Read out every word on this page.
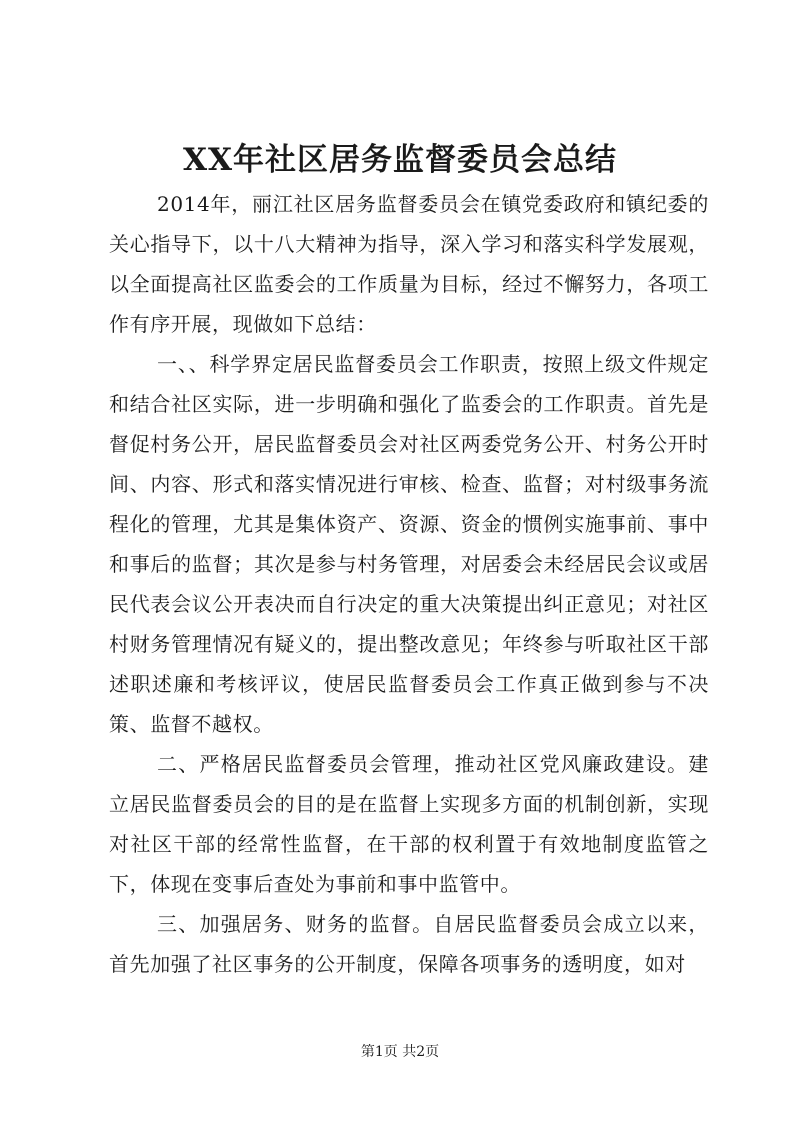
XX年社区居务监督委员会总结

2014年，丽江社区居务监督委员会在镇党委政府和镇纪委的关心指导下，以十八大精神为指导，深入学习和落实科学发展观，以全面提高社区监委会的工作质量为目标，经过不懈努力，各项工作有序开展，现做如下总结：

一、、科学界定居民监督委员会工作职责，按照上级文件规定和结合社区实际，进一步明确和强化了监委会的工作职责。首先是督促村务公开，居民监督委员会对社区两委党务公开、村务公开时间、内容、形式和落实情况进行审核、检查、监督；对村级事务流程化的管理，尤其是集体资产、资源、资金的惯例实施事前、事中和事后的监督；其次是参与村务管理，对居委会未经居民会议或居民代表会议公开表决而自行决定的重大决策提出纠正意见；对社区村财务管理情况有疑义的，提出整改意见；年终参与听取社区干部述职述廉和考核评议，使居民监督委员会工作真正做到参与不决策、监督不越权。

二、严格居民监督委员会管理，推动社区党风廉政建设。建立居民监督委员会的目的是在监督上实现多方面的机制创新，实现对社区干部的经常性监督，在干部的权利置于有效地制度监管之下，体现在变事后查处为事前和事中监管中。

三、加强居务、财务的监督。自居民监督委员会成立以来，首先加强了社区事务的公开制度，保障各项事务的透明度，如对

第1页 共2页
